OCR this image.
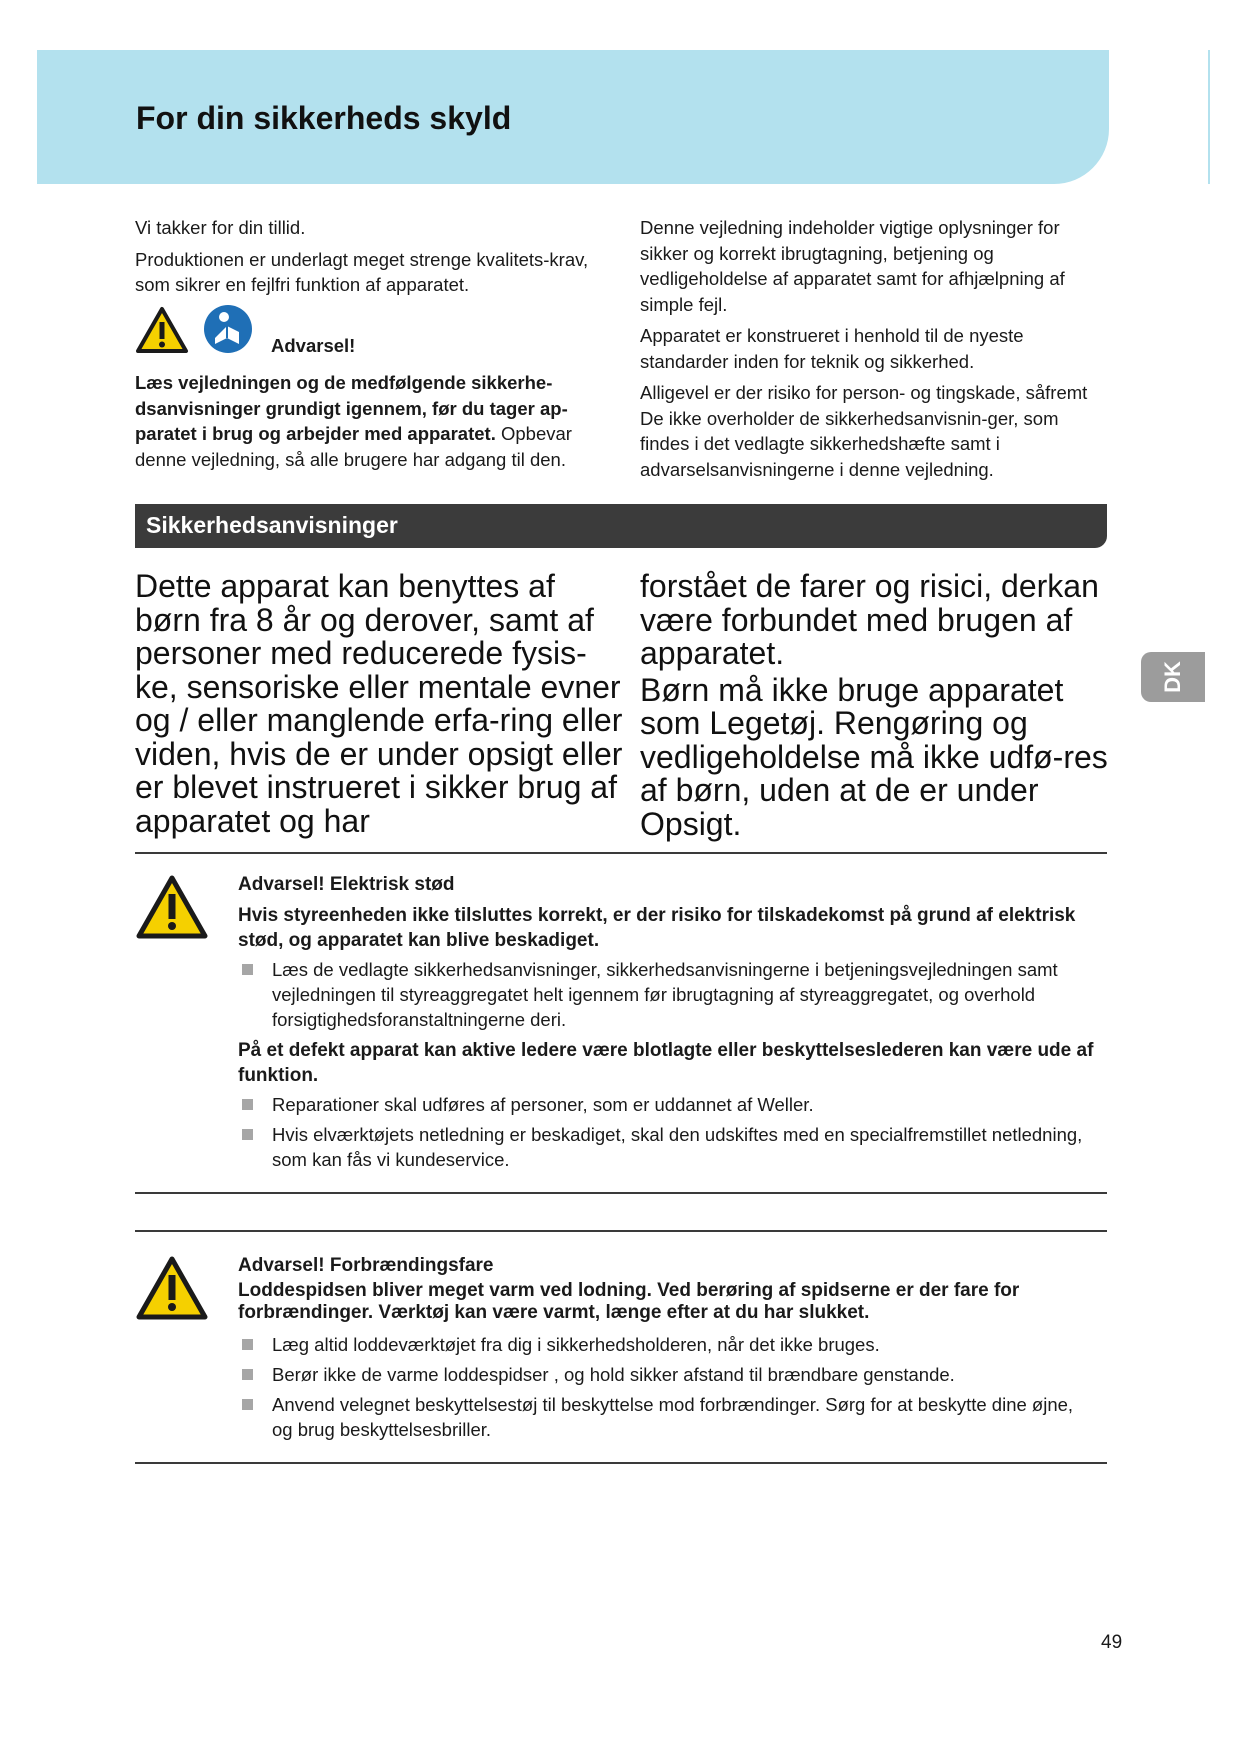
For din sikkerheds skyld

Vi takker for din tillid.

Produktionen er underlagt meget strenge kvalitets-krav, som sikrer en fejlfri funktion af apparatet.

Advarsel!

Læs vejledningen og de medfølgende sikkerhe-dsanvisninger grundigt igennem, før du tager ap-paratet i brug og arbejder med apparatet. Opbevar denne vejledning, så alle brugere har adgang til den.

Denne vejledning indeholder vigtige oplysninger for sikker og korrekt ibrugtagning, betjening og vedligeholdelse af apparatet samt for afhjælpning af simple fejl.

Apparatet er konstrueret i henhold til de nyeste standarder inden for teknik og sikkerhed.

Alligevel er der risiko for person- og tingskade, såfremt De ikke overholder de sikkerhedsanvisnin-ger, som findes i det vedlagte sikkerhedshæfte samt i advarselsanvisningerne i denne vejledning.

Sikkerhedsanvisninger

Dette apparat kan benyttes af børn fra 8 år og derover, samt af personer med reducerede fysis-ke, sensoriske eller mentale evner og / eller manglende erfa-ring eller viden, hvis de er under opsigt eller er blevet instrueret i sikker brug af apparatet og har

forstået de farer og risici, derkan være forbundet med brugen af apparatet.

Børn må ikke bruge apparatet som Legetøj. Rengøring og vedligeholdelse må ikke udfø-res af børn, uden at de er under Opsigt.

DK

Advarsel! Elektrisk stød

Hvis styreenheden ikke tilsluttes korrekt, er der risiko for tilskadekomst på grund af elektrisk stød, og apparatet kan blive beskadiget.

Læs de vedlagte sikkerhedsanvisninger, sikkerhedsanvisningerne i betjeningsvejledningen samt vejledningen til styreaggregatet helt igennem før ibrugtagning af styreaggregatet, og overhold forsigtighedsforanstaltningerne deri.

På et defekt apparat kan aktive ledere være blotlagte eller beskyttelseslederen kan være ude af funktion.

Reparationer skal udføres af personer, som er uddannet af Weller.
Hvis elværktøjets netledning er beskadiget, skal den udskiftes med en specialfremstillet netledning, som kan fås vi kundeservice.

Advarsel! Forbrændingsfare

Loddespidsen bliver meget varm ved lodning. Ved berøring af spidserne er der fare for forbrændinger. Værktøj kan være varmt, længe efter at du har slukket.

Læg altid loddeværktøjet fra dig i sikkerhedsholderen, når det ikke bruges.
Berør ikke de varme loddespidser , og hold sikker afstand til brændbare genstande.
Anvend velegnet beskyttelsestøj til beskyttelse mod forbrændinger. Sørg for at beskytte dine øjne, og brug beskyttelsesbriller.
49
